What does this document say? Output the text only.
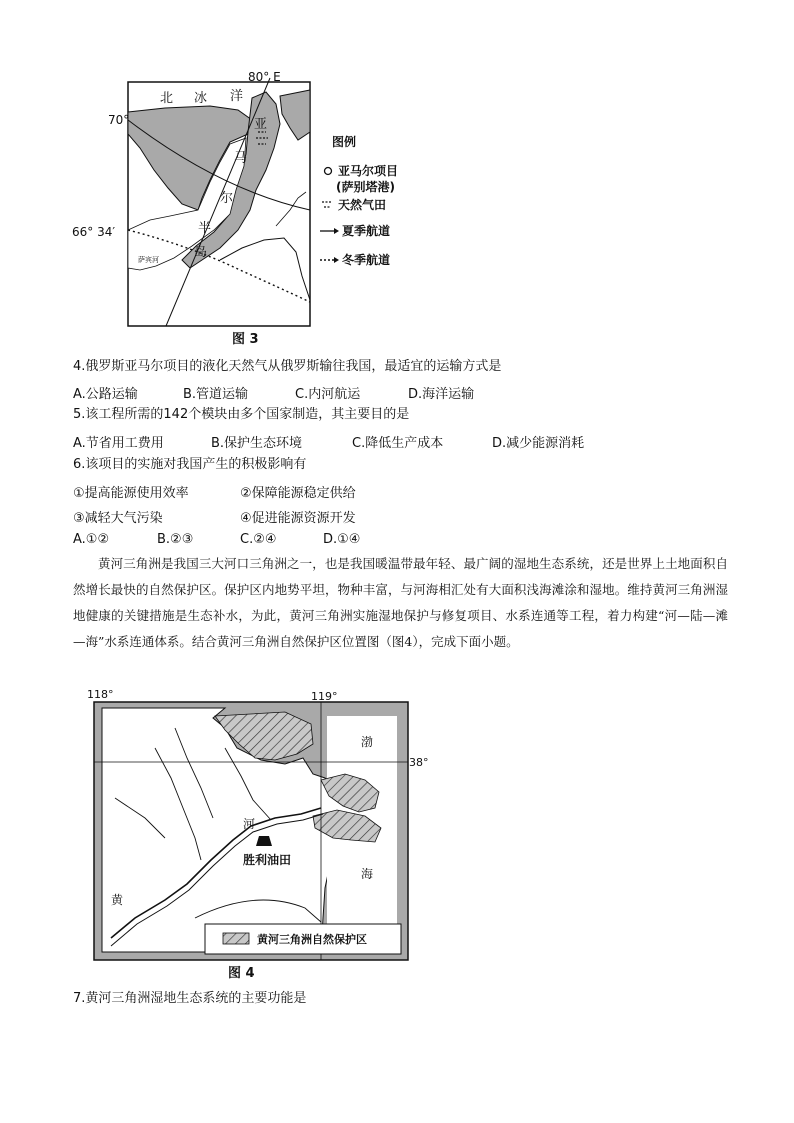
80° E
70°
66° 34′
北 冰 洋
亚
马
尔
半
岛
萨宾河
图例
亚马尔项目
(萨别塔港)
天然气田
夏季航道
冬季航道
图 3
4.俄罗斯亚马尔项目的液化天然气从俄罗斯输往我国，最适宜的运输方式是
A.公路运输	B.管道运输	C.内河航运	D.海洋运输
5.该工程所需的142个模块由多个国家制造，其主要目的是
A.节省用工费用	B.保护生态环境	C.降低生产成本	D.减少能源消耗
6.该项目的实施对我国产生的积极影响有
①提高能源使用效率	②保障能源稳定供给
③减轻大气污染	④促进能源资源开发
A.①②	B.②③	C.②④	D.①④
黄河三角洲是我国三大河口三角洲之一，也是我国暖温带最年轻、最广阔的湿地生态系统，还是世界上土地面积自然增长最快的自然保护区。保护区内地势平坦，物种丰富，与河海相汇处有大面积浅海滩涂和湿地。维持黄河三角洲湿地健康的关键措施是生态补水，为此，黄河三角洲实施湿地保护与修复项目、水系连通等工程，着力构建“河—陆—滩—海”水系连通体系。结合黄河三角洲自然保护区位置图（图4），完成下面小题。
118°	119°
38°
渤
海
河
黄
胜利油田
黄河三角洲自然保护区
图 4
7.黄河三角洲湿地生态系统的主要功能是
